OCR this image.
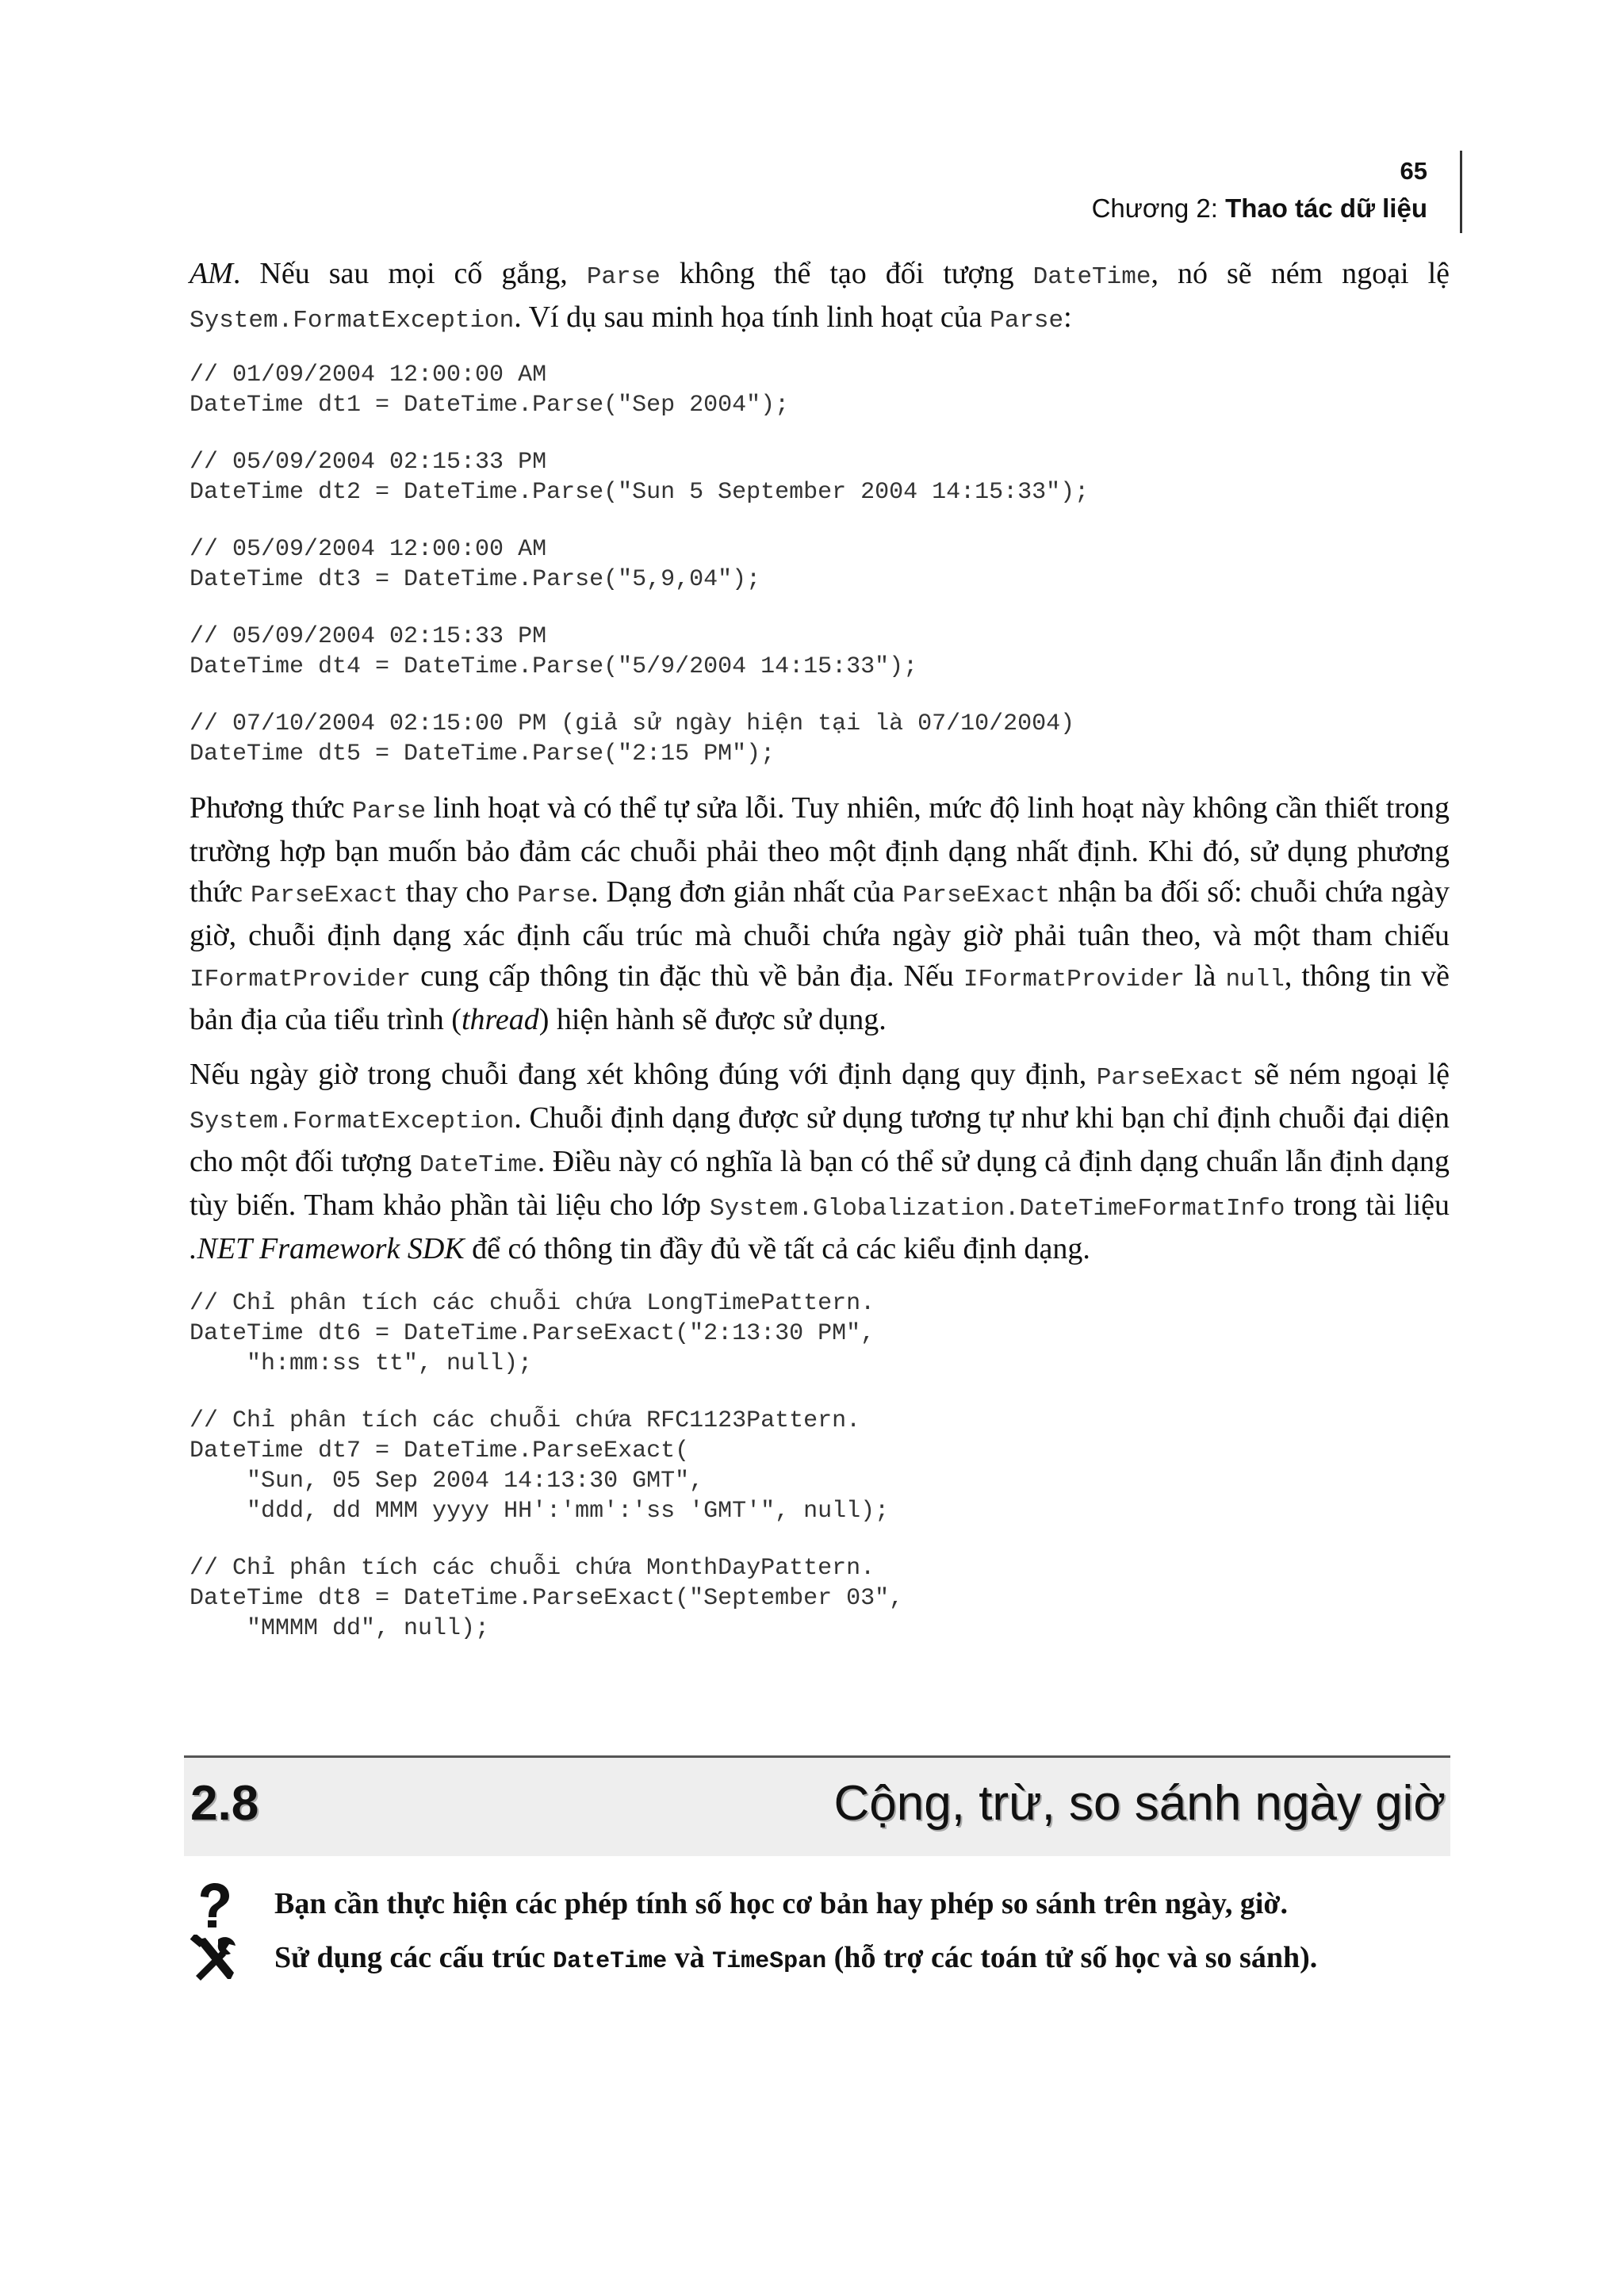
65
Chương 2: Thao tác dữ liệu

AM. Nếu sau mọi cố gắng, Parse không thể tạo đối tượng DateTime, nó sẽ ném ngoại lệ System.FormatException. Ví dụ sau minh họa tính linh hoạt của Parse:

// 01/09/2004 12:00:00 AM
DateTime dt1 = DateTime.Parse("Sep 2004");
// 05/09/2004 02:15:33 PM
DateTime dt2 = DateTime.Parse("Sun 5 September 2004 14:15:33");
// 05/09/2004 12:00:00 AM
DateTime dt3 = DateTime.Parse("5,9,04");
// 05/09/2004 02:15:33 PM
DateTime dt4 = DateTime.Parse("5/9/2004 14:15:33");
// 07/10/2004 02:15:00 PM (giả sử ngày hiện tại là 07/10/2004)
DateTime dt5 = DateTime.Parse("2:15 PM");

Phương thức Parse linh hoạt và có thể tự sửa lỗi. Tuy nhiên, mức độ linh hoạt này không cần thiết trong trường hợp bạn muốn bảo đảm các chuỗi phải theo một định dạng nhất định. Khi đó, sử dụng phương thức ParseExact thay cho Parse. Dạng đơn giản nhất của ParseExact nhận ba đối số: chuỗi chứa ngày giờ, chuỗi định dạng xác định cấu trúc mà chuỗi chứa ngày giờ phải tuân theo, và một tham chiếu IFormatProvider cung cấp thông tin đặc thù về bản địa. Nếu IFormatProvider là null, thông tin về bản địa của tiểu trình (thread) hiện hành sẽ được sử dụng.

Nếu ngày giờ trong chuỗi đang xét không đúng với định dạng quy định, ParseExact sẽ ném ngoại lệ System.FormatException. Chuỗi định dạng được sử dụng tương tự như khi bạn chỉ định chuỗi đại diện cho một đối tượng DateTime. Điều này có nghĩa là bạn có thể sử dụng cả định dạng chuẩn lẫn định dạng tùy biến. Tham khảo phần tài liệu cho lớp System.Globalization.DateTimeFormatInfo trong tài liệu .NET Framework SDK để có thông tin đầy đủ về tất cả các kiểu định dạng.

// Chỉ phân tích các chuỗi chứa LongTimePattern.
DateTime dt6 = DateTime.ParseExact("2:13:30 PM",
"h:mm:ss tt", null);
// Chỉ phân tích các chuỗi chứa RFC1123Pattern.
DateTime dt7 = DateTime.ParseExact(
"Sun, 05 Sep 2004 14:13:30 GMT",
"ddd, dd MMM yyyy HH':'mm':'ss 'GMT'", null);
// Chỉ phân tích các chuỗi chứa MonthDayPattern.
DateTime dt8 = DateTime.ParseExact("September 03",
"MMMM dd", null);
2.8	Cộng, trừ, so sánh ngày giờ
Bạn cần thực hiện các phép tính số học cơ bản hay phép so sánh trên ngày, giờ.
Sử dụng các cấu trúc DateTime và TimeSpan (hỗ trợ các toán tử số học và so sánh).
